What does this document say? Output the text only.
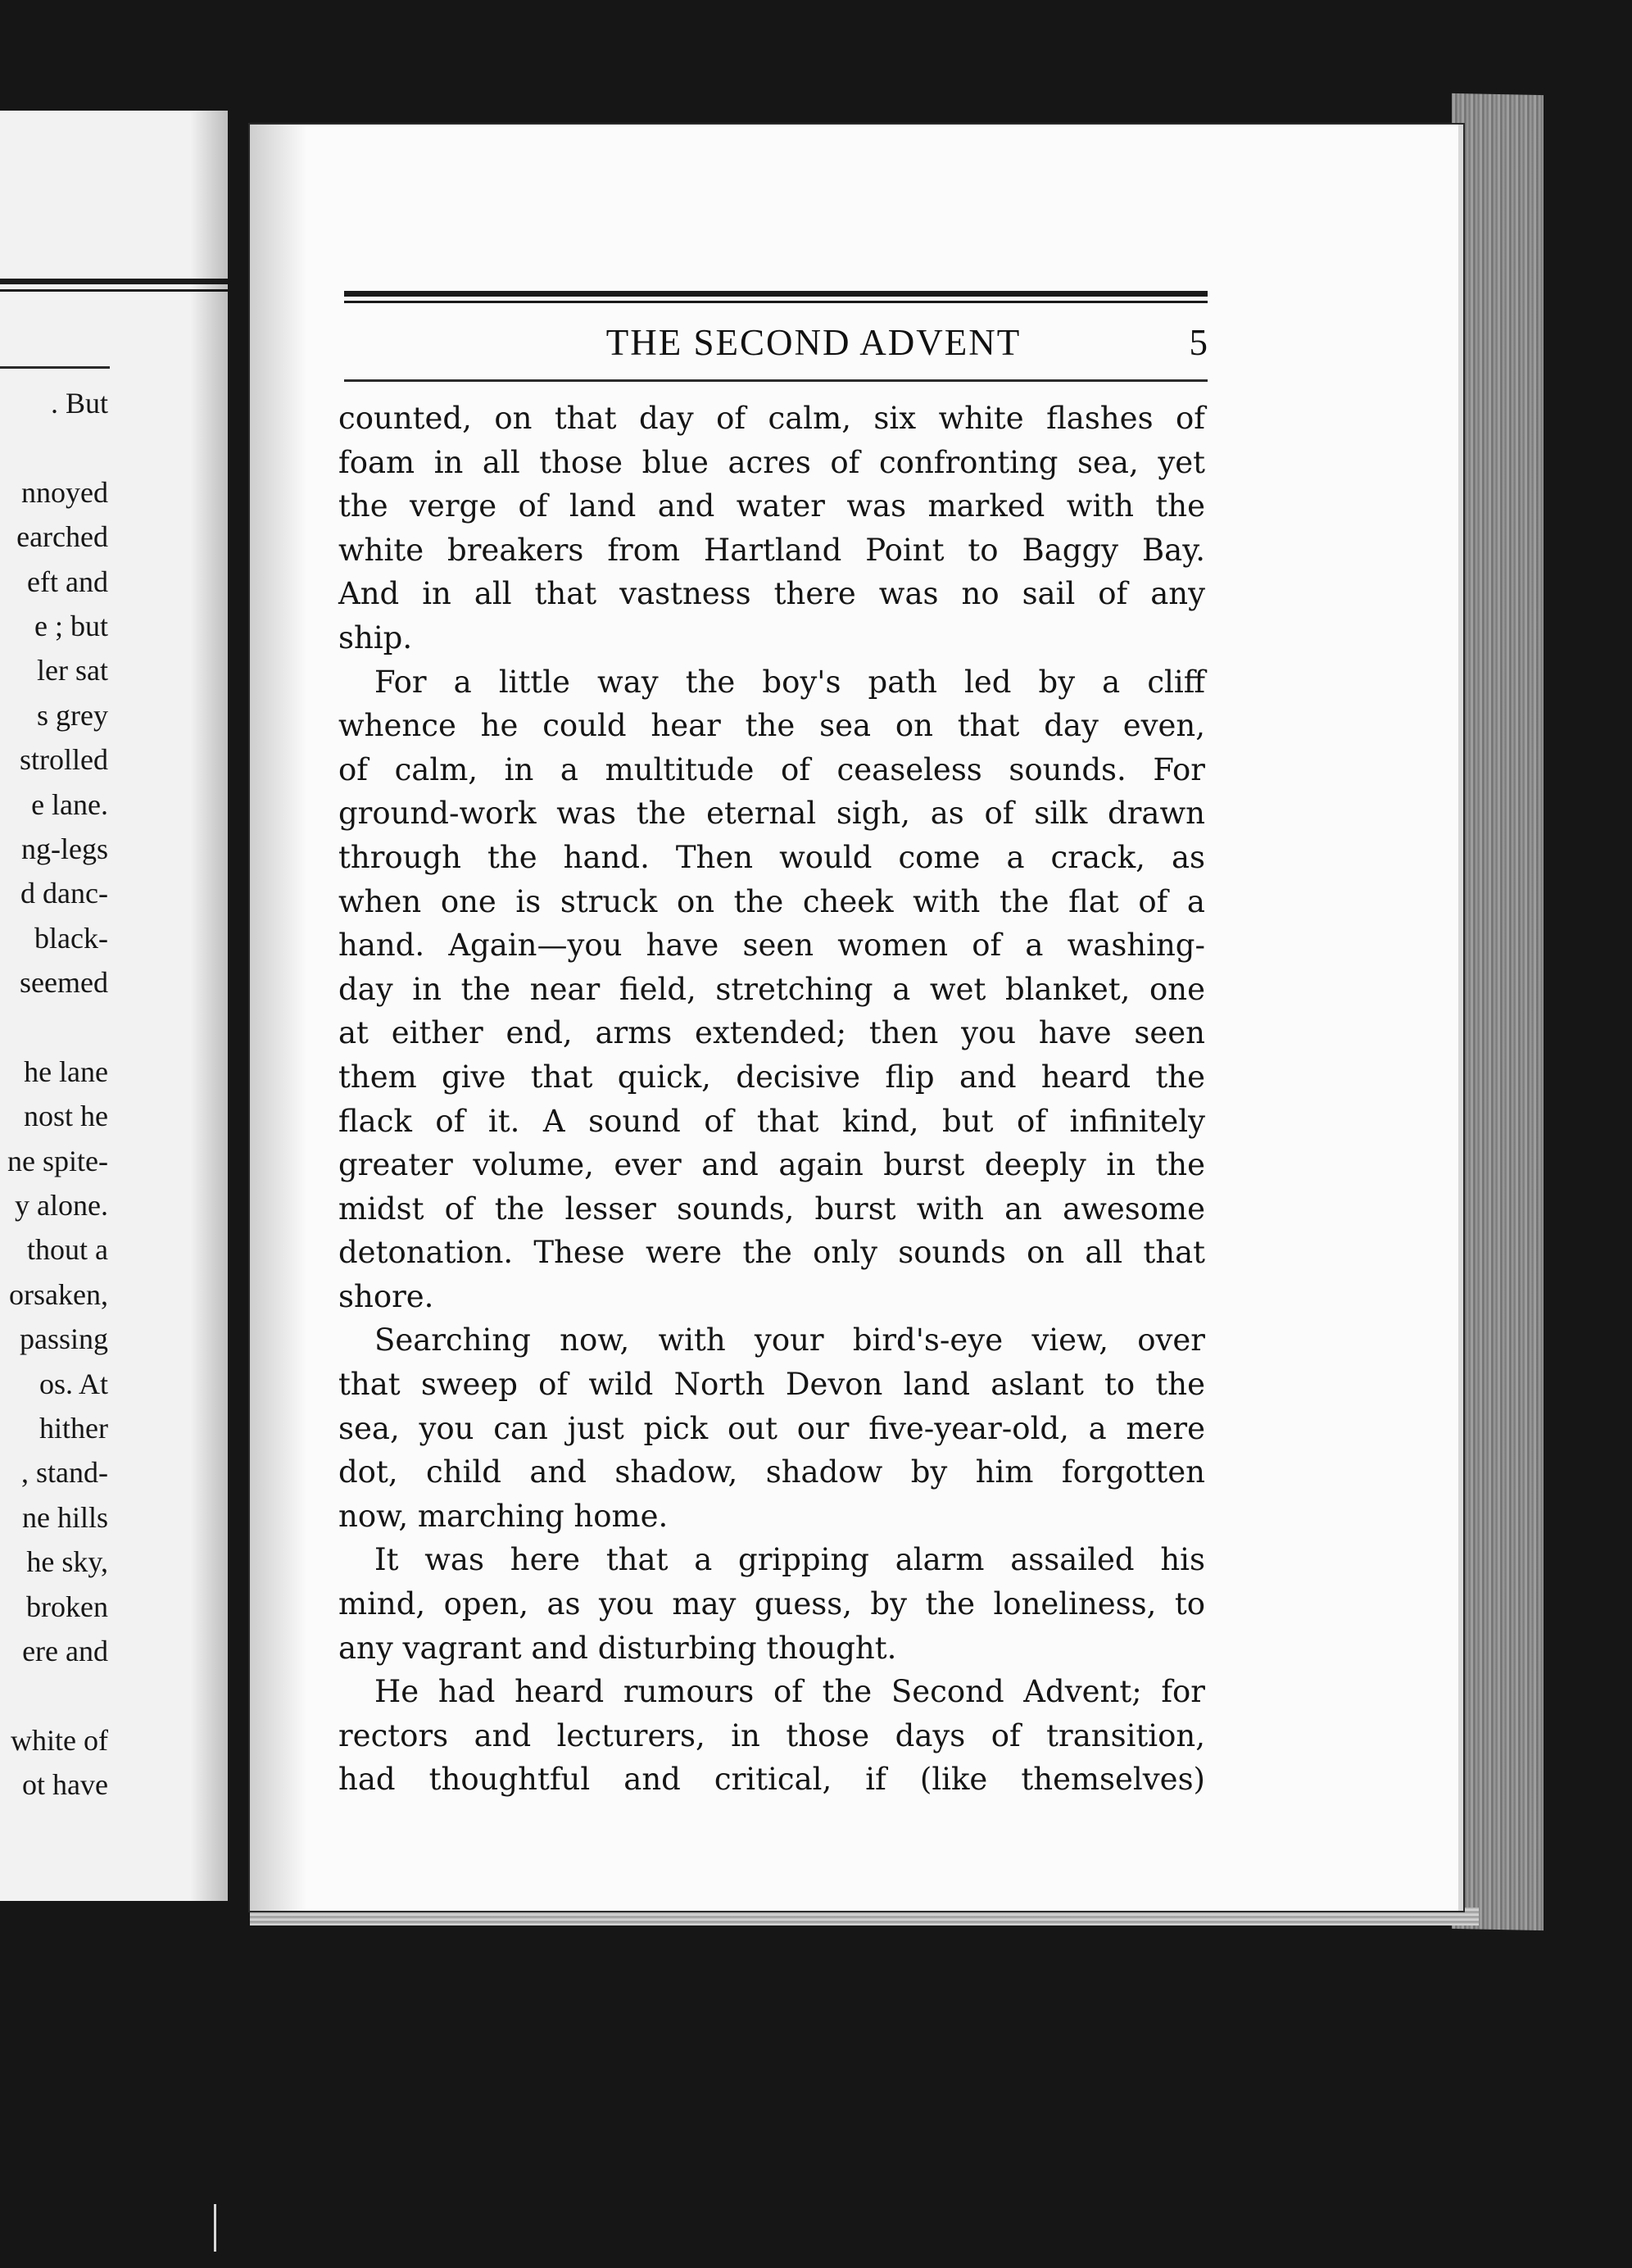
. But
nnoyed
earched
eft and
e ; but
ler sat
s grey
strolled
e lane.
ng-legs
d danc-
black-
seemed
he lane
nost he
ne spite-
y alone.
thout a
orsaken,
passing
os. At
hither
, stand-
ne hills
he sky,
broken
ere and
white of
ot have
THE SECOND ADVENT	5
counted, on that day of calm, six white flashes of
foam in all those blue acres of confronting sea, yet
the verge of land and water was marked with the
white breakers from Hartland Point to Baggy Bay.
And in all that vastness there was no sail of any
ship.
For a little way the boy's path led by a cliff
whence he could hear the sea on that day even,
of calm, in a multitude of ceaseless sounds. For
ground-work was the eternal sigh, as of silk drawn
through the hand. Then would come a crack, as
when one is struck on the cheek with the flat of a
hand. Again—you have seen women of a washing-
day in the near field, stretching a wet blanket, one
at either end, arms extended; then you have seen
them give that quick, decisive flip and heard the
flack of it. A sound of that kind, but of infinitely
greater volume, ever and again burst deeply in the
midst of the lesser sounds, burst with an awesome
detonation. These were the only sounds on all that
shore.
Searching now, with your bird's-eye view, over
that sweep of wild North Devon land aslant to the
sea, you can just pick out our five-year-old, a mere
dot, child and shadow, shadow by him forgotten
now, marching home.
It was here that a gripping alarm assailed his
mind, open, as you may guess, by the loneliness, to
any vagrant and disturbing thought.
He had heard rumours of the Second Advent; for
rectors and lecturers, in those days of transition,
had thoughtful and critical, if (like themselves)
